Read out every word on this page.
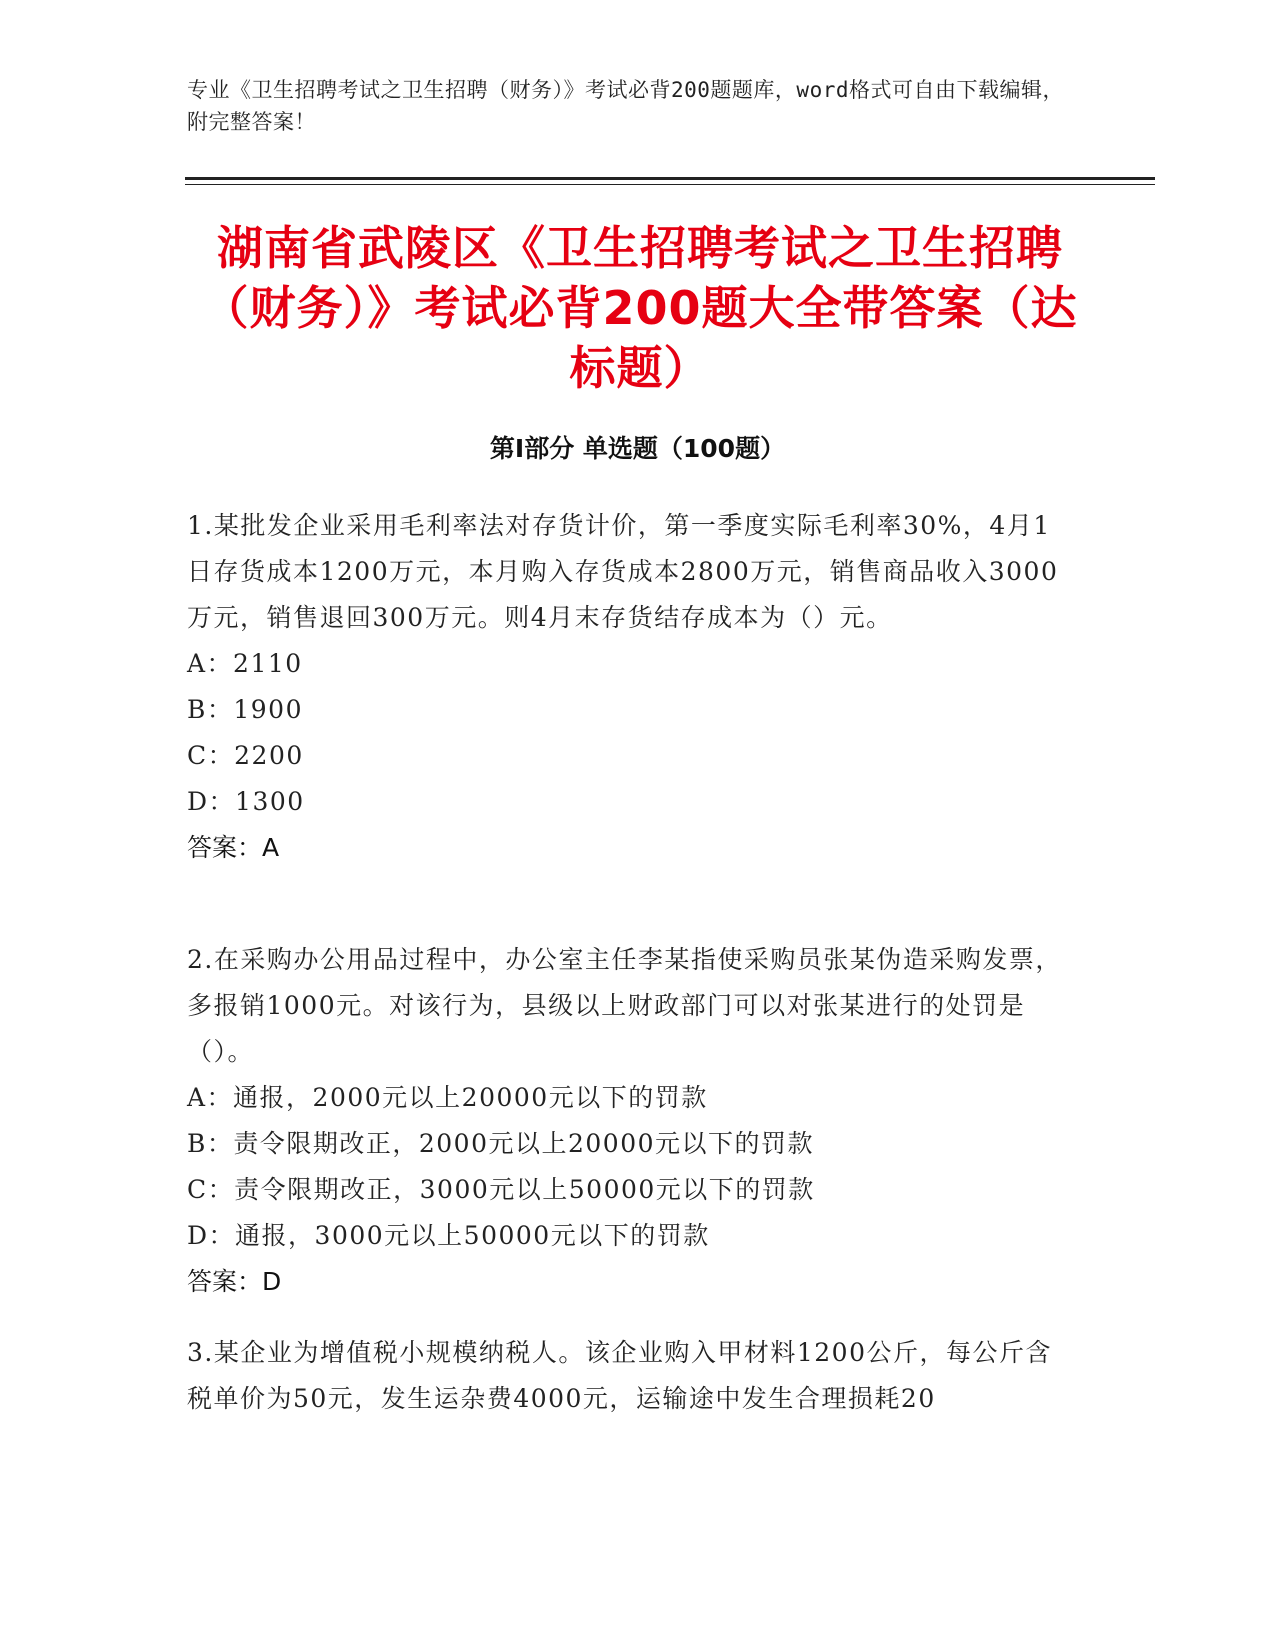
专业《卫生招聘考试之卫生招聘（财务）》考试必背200题题库，word格式可自由下载编辑，附完整答案！
湖南省武陵区《卫生招聘考试之卫生招聘（财务）》考试必背200题大全带答案（达标题）
第I部分 单选题（100题）

1.某批发企业采用毛利率法对存货计价，第一季度实际毛利率30%，4月1日存货成本1200万元，本月购入存货成本2800万元，销售商品收入3000万元，销售退回300万元。则4月末存货结存成本为（）元。

A：2110

B：1900

C：2200

D：1300

答案：A

2.在采购办公用品过程中，办公室主任李某指使采购员张某伪造采购发票，多报销1000元。对该行为，县级以上财政部门可以对张某进行的处罚是（）。

A：通报，2000元以上20000元以下的罚款

B：责令限期改正，2000元以上20000元以下的罚款

C：责令限期改正，3000元以上50000元以下的罚款

D：通报，3000元以上50000元以下的罚款

答案：D

3.某企业为增值税小规模纳税人。该企业购入甲材料1200公斤，每公斤含税单价为50元，发生运杂费4000元，运输途中发生合理损耗20
